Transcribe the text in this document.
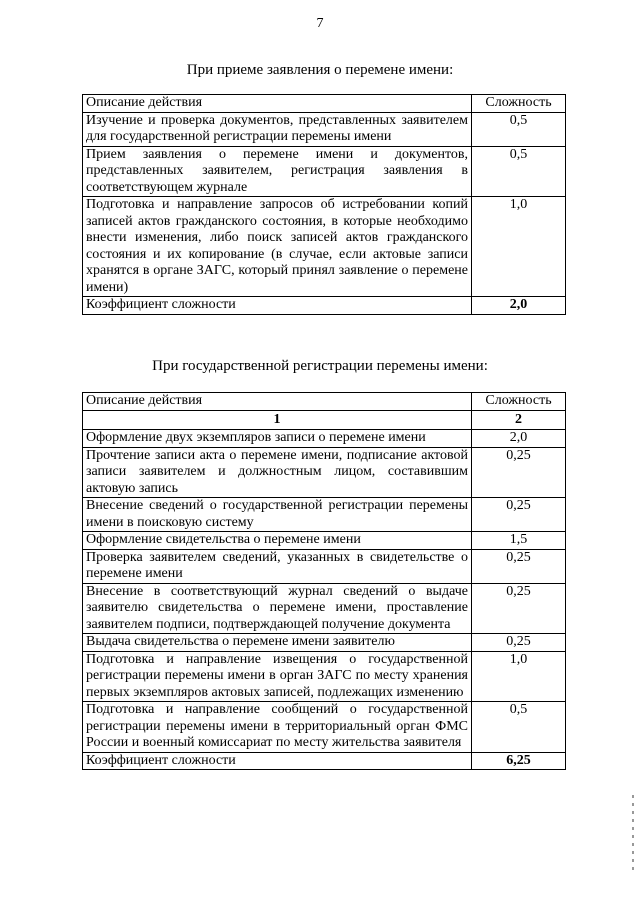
7
При приеме заявления о перемене имени:
Описание действия	Сложность
Изучение и проверка документов, представленных заявителем для государственной регистрации перемены имени	0,5
Прием заявления о перемене имени и документов, представленных заявителем, регистрация заявления в соответствующем журнале	0,5
Подготовка и направление запросов об истребовании копий записей актов гражданского состояния, в которые необходимо внести изменения, либо поиск записей актов гражданского состояния и их копирование (в случае, если актовые записи хранятся в органе ЗАГС, который принял заявление о перемене имени)	1,0
Коэффициент сложности	2,0
При государственной регистрации перемены имени:
Описание действия	Сложность
1	2
Оформление двух экземпляров записи о перемене имени	2,0
Прочтение записи акта о перемене имени, подписание актовой записи заявителем и должностным лицом, составившим актовую запись	0,25
Внесение сведений о государственной регистрации перемены имени в поисковую систему	0,25
Оформление свидетельства о перемене имени	1,5
Проверка заявителем сведений, указанных в свидетельстве о перемене имени	0,25
Внесение в соответствующий журнал сведений о выдаче заявителю свидетельства о перемене имени, проставление заявителем подписи, подтверждающей получение документа	0,25
Выдача свидетельства о перемене имени заявителю	0,25
Подготовка и направление извещения о государственной регистрации перемены имени в орган ЗАГС по месту хранения первых экземпляров актовых записей, подлежащих изменению	1,0
Подготовка и направление сообщений о государственной регистрации перемены имени в территориальный орган ФМС России и военный комиссариат по месту жительства заявителя	0,5
Коэффициент сложности	6,25
